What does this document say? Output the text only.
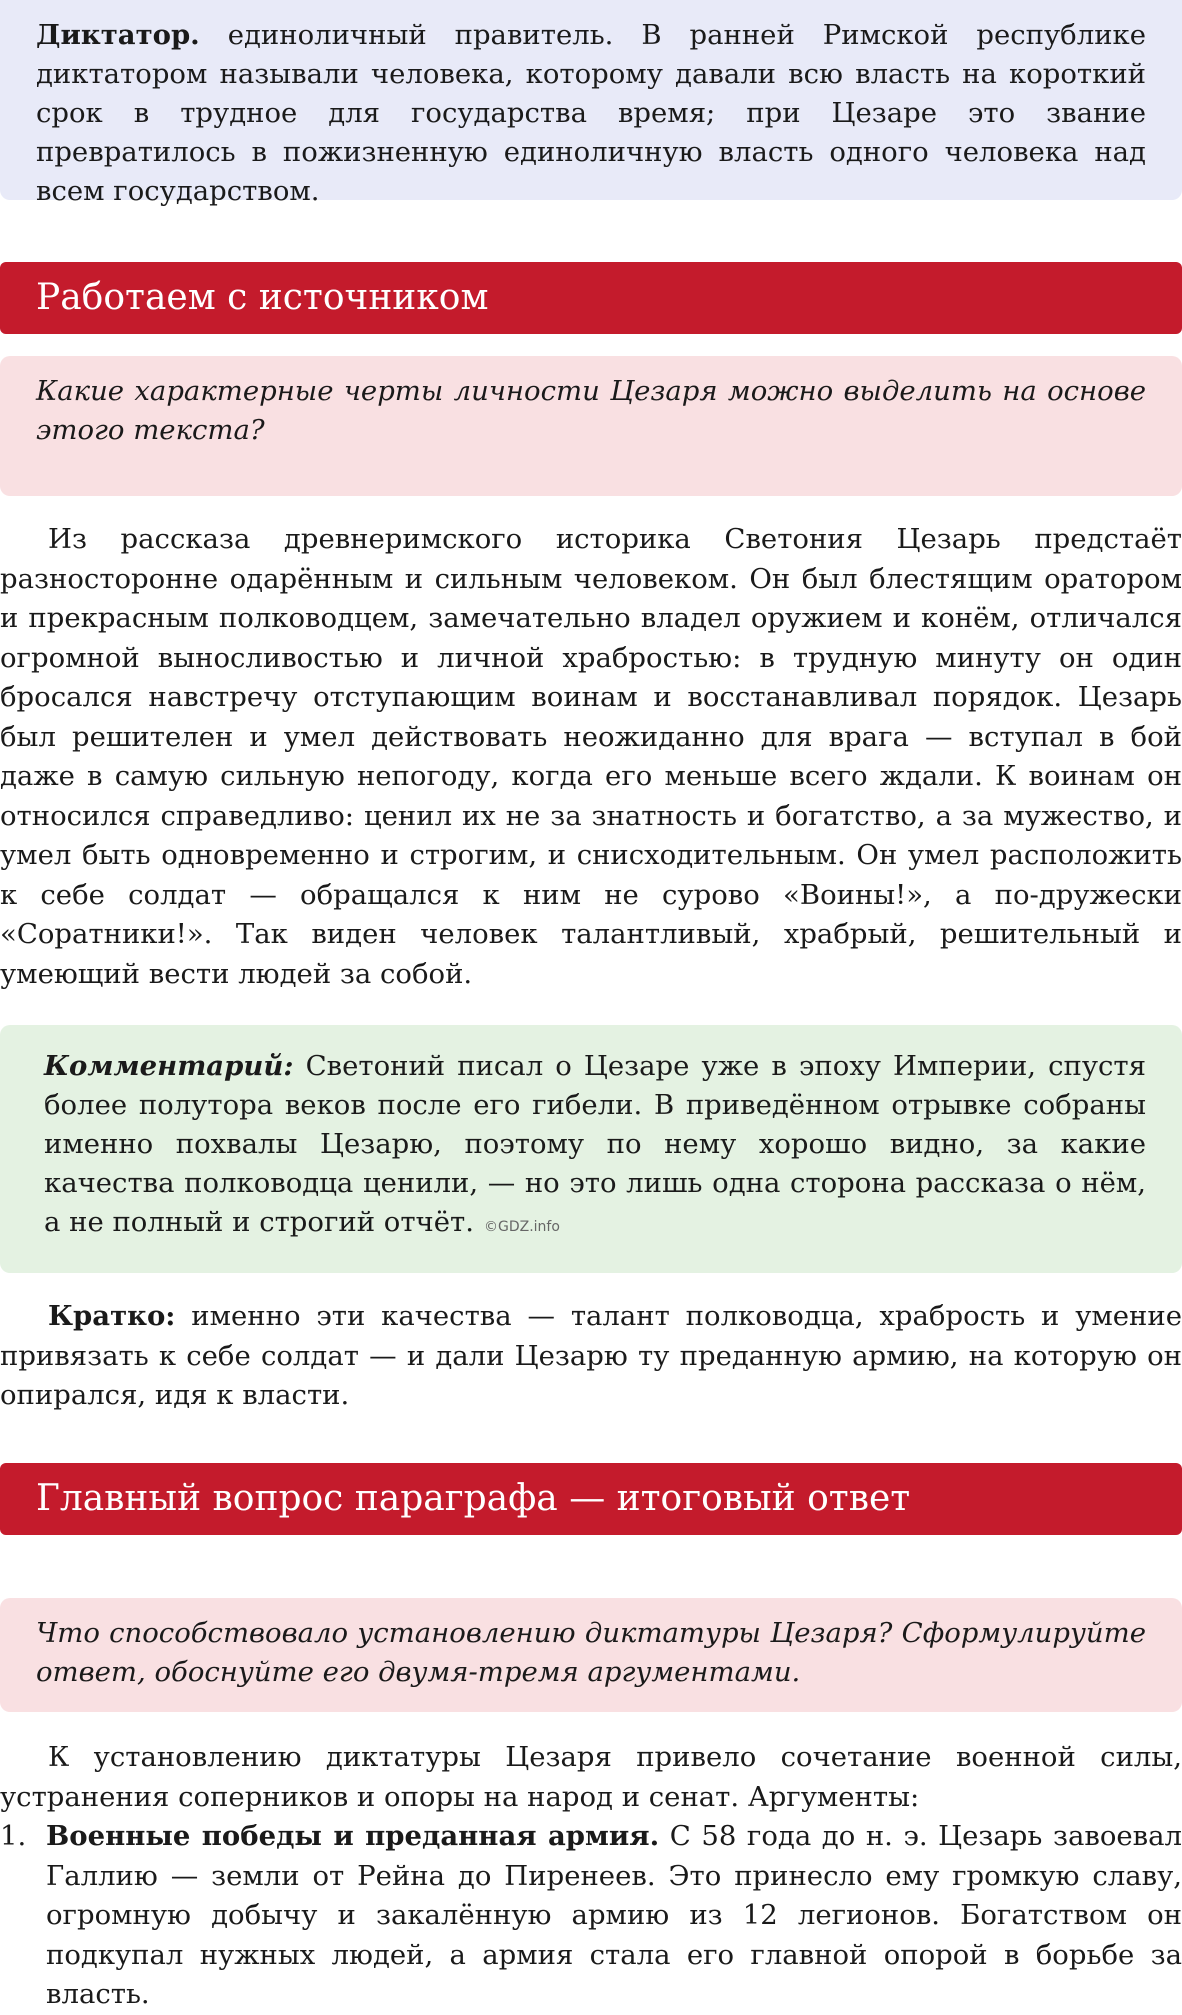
Диктатор. единоличный правитель. В ранней Римской республике диктатором называли человека, которому давали всю власть на короткий срок в трудное для государства время; при Цезаре это звание превратилось в пожизненную единоличную власть одного человека над всем государством.
Работаем с источником
Какие характерные черты личности Цезаря можно выделить на основе этого текста?
Из рассказа древнеримского историка Светония Цезарь предстаёт разносторонне одарённым и сильным человеком. Он был блестящим оратором и прекрасным полководцем, замечательно владел оружием и конём, отличался огромной выносливостью и личной храбростью: в трудную минуту он один бросался навстречу отступающим воинам и восстанавливал порядок. Цезарь был решителен и умел действовать неожиданно для врага — вступал в бой даже в самую сильную непогоду, когда его меньше всего ждали. К воинам он относился справедливо: ценил их не за знатность и богатство, а за мужество, и умел быть одновременно и строгим, и снисходительным. Он умел расположить к себе солдат — обращался к ним не сурово «Воины!», а по-дружески «Соратники!». Так виден человек талантливый, храбрый, решительный и умеющий вести людей за собой.
Комментарий: Светоний писал о Цезаре уже в эпоху Империи, спустя более полутора веков после его гибели. В приведённом отрывке собраны именно похвалы Цезарю, поэтому по нему хорошо видно, за какие качества полководца ценили, — но это лишь одна сторона рассказа о нём, а не полный и строгий отчёт. ©GDZ.info
Кратко: именно эти качества — талант полководца, храбрость и умение привязать к себе солдат — и дали Цезарю ту преданную армию, на которую он опирался, идя к власти.
Главный вопрос параграфа — итоговый ответ
Что способствовало установлению диктатуры Цезаря? Сформулируйте ответ, обоснуйте его двумя-тремя аргументами.
К установлению диктатуры Цезаря привело сочетание военной силы, устранения соперников и опоры на народ и сенат. Аргументы:
1. Военные победы и преданная армия. С 58 года до н. э. Цезарь завоевал Галлию — земли от Рейна до Пиренеев. Это принесло ему громкую славу, огромную добычу и закалённую армию из 12 легионов. Богатством он подкупал нужных людей, а армия стала его главной опорой в борьбе за власть.
